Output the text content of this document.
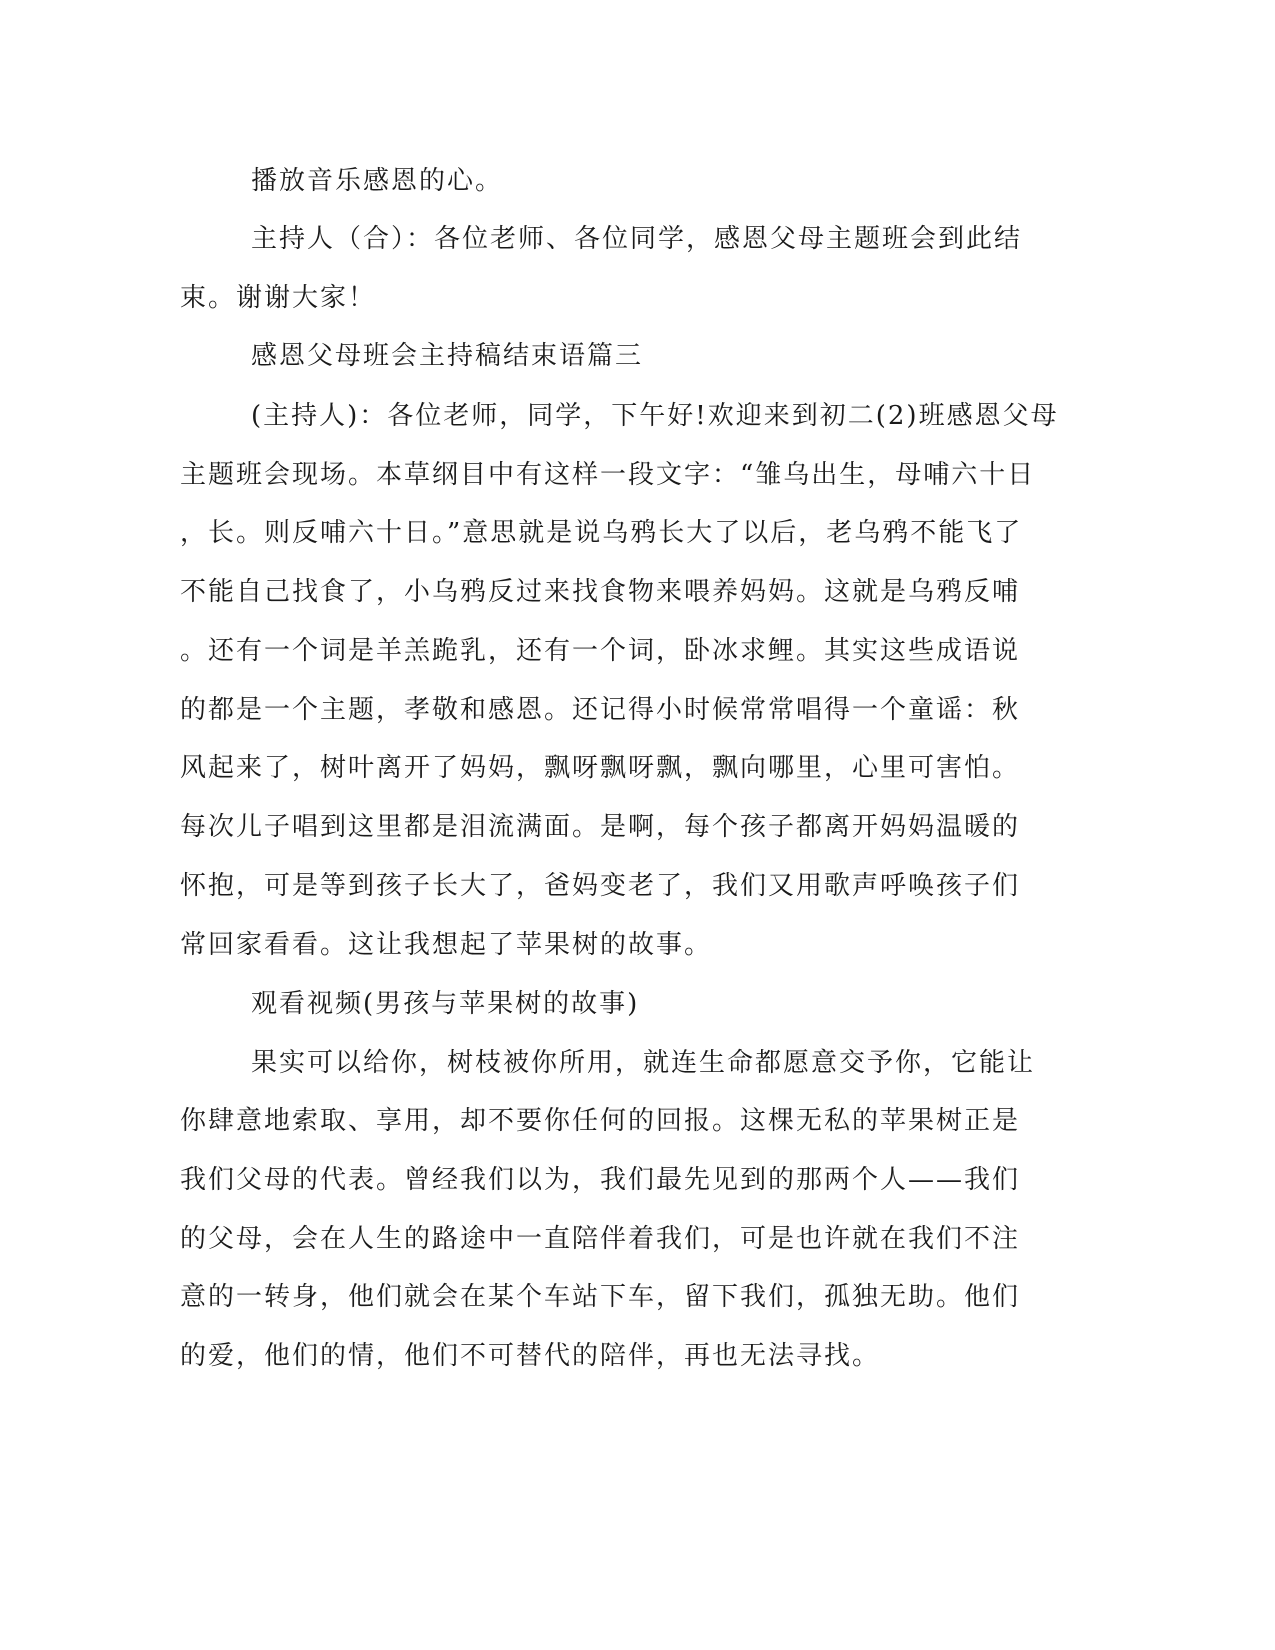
播放音乐感恩的心。
主持人（合）：各位老师、各位同学，感恩父母主题班会到此结
束。谢谢大家！
感恩父母班会主持稿结束语篇三
(主持人)：各位老师，同学，下午好!欢迎来到初二(2)班感恩父母
主题班会现场。本草纲目中有这样一段文字：“雏乌出生，母哺六十日
，长。则反哺六十日。”意思就是说乌鸦长大了以后，老乌鸦不能飞了
不能自己找食了，小乌鸦反过来找食物来喂养妈妈。这就是乌鸦反哺
。还有一个词是羊羔跪乳，还有一个词，卧冰求鲤。其实这些成语说
的都是一个主题，孝敬和感恩。还记得小时候常常唱得一个童谣：秋
风起来了，树叶离开了妈妈，飘呀飘呀飘，飘向哪里，心里可害怕。
每次儿子唱到这里都是泪流满面。是啊，每个孩子都离开妈妈温暖的
怀抱，可是等到孩子长大了，爸妈变老了，我们又用歌声呼唤孩子们
常回家看看。这让我想起了苹果树的故事。
观看视频(男孩与苹果树的故事)
果实可以给你，树枝被你所用，就连生命都愿意交予你，它能让
你肆意地索取、享用，却不要你任何的回报。这棵无私的苹果树正是
我们父母的代表。曾经我们以为，我们最先见到的那两个人——我们
的父母，会在人生的路途中一直陪伴着我们，可是也许就在我们不注
意的一转身，他们就会在某个车站下车，留下我们，孤独无助。他们
的爱，他们的情，他们不可替代的陪伴，再也无法寻找。
